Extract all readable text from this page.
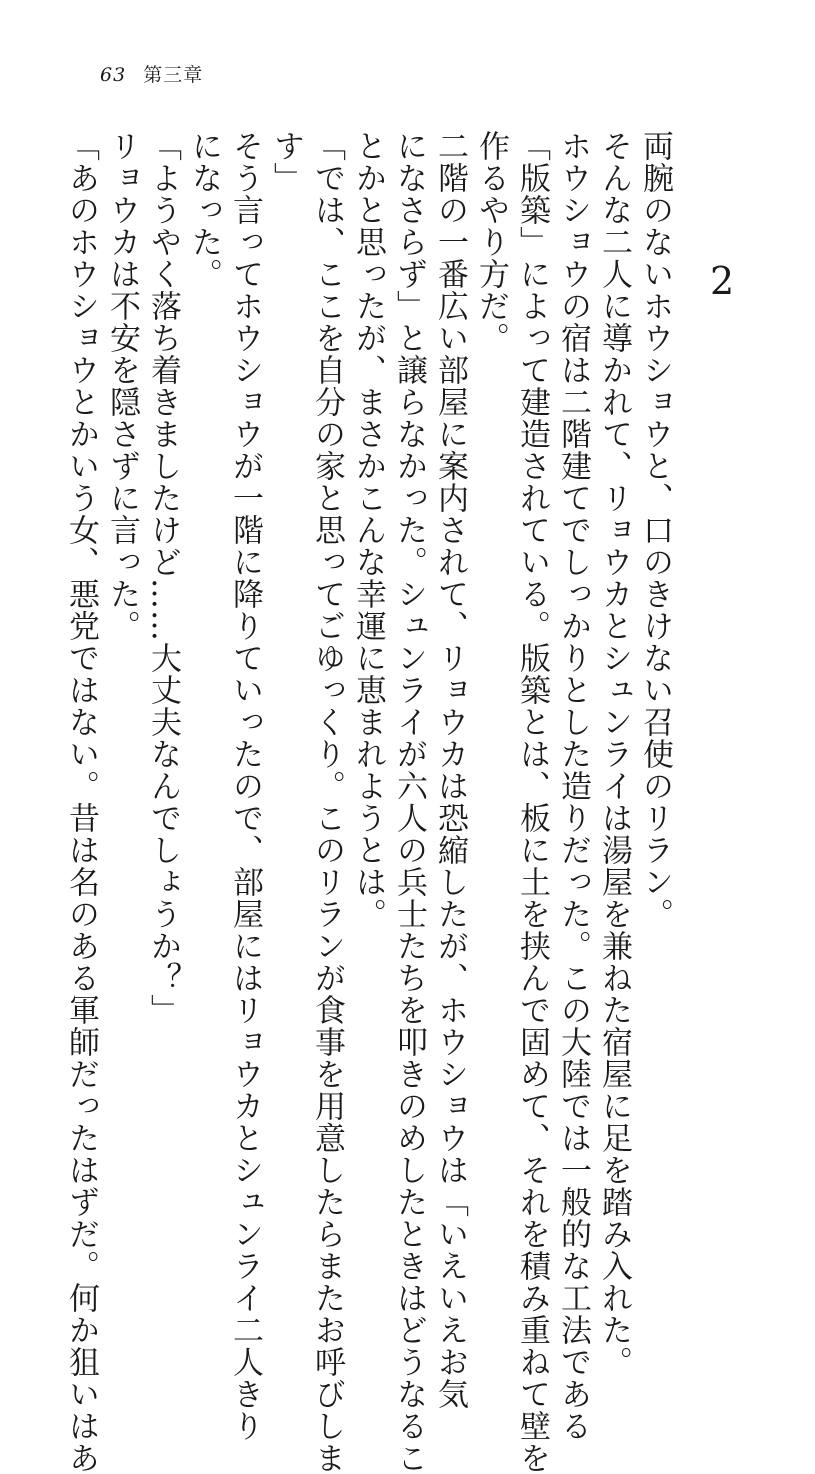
63 第三章
2

両腕のないホウショウと、口のきけない召使のリラン。

そんな二人に導かれて、リョウカとシュンライは湯屋を兼ねた宿屋に足を踏み入れた。

ホウショウの宿は二階建てでしっかりとした造りだった。この大陸では一般的な工法である

「版築」によって建造されている。版築とは、板に土を挟んで固めて、それを積み重ねて壁を

作るやり方だ。

二階の一番広い部屋に案内されて、リョウカは恐縮したが、ホウショウは「いえいえお気

になさらず」と譲らなかった。シュンライが六人の兵士たちを叩きのめしたときはどうなるこ

とかと思ったが、まさかこんな幸運に恵まれようとは。

「では、ここを自分の家と思ってごゆっくり。このリランが食事を用意したらまたお呼びしま

す」

そう言ってホウショウが一階に降りていったので、部屋にはリョウカとシュンライ二人きり

になった。

「ようやく落ち着きましたけど……大丈夫なんでしょうか？」

リョウカは不安を隠さずに言った。

「あのホウショウとかいう女、悪党ではない。昔は名のある軍師だったはずだ。何か狙いはあ
